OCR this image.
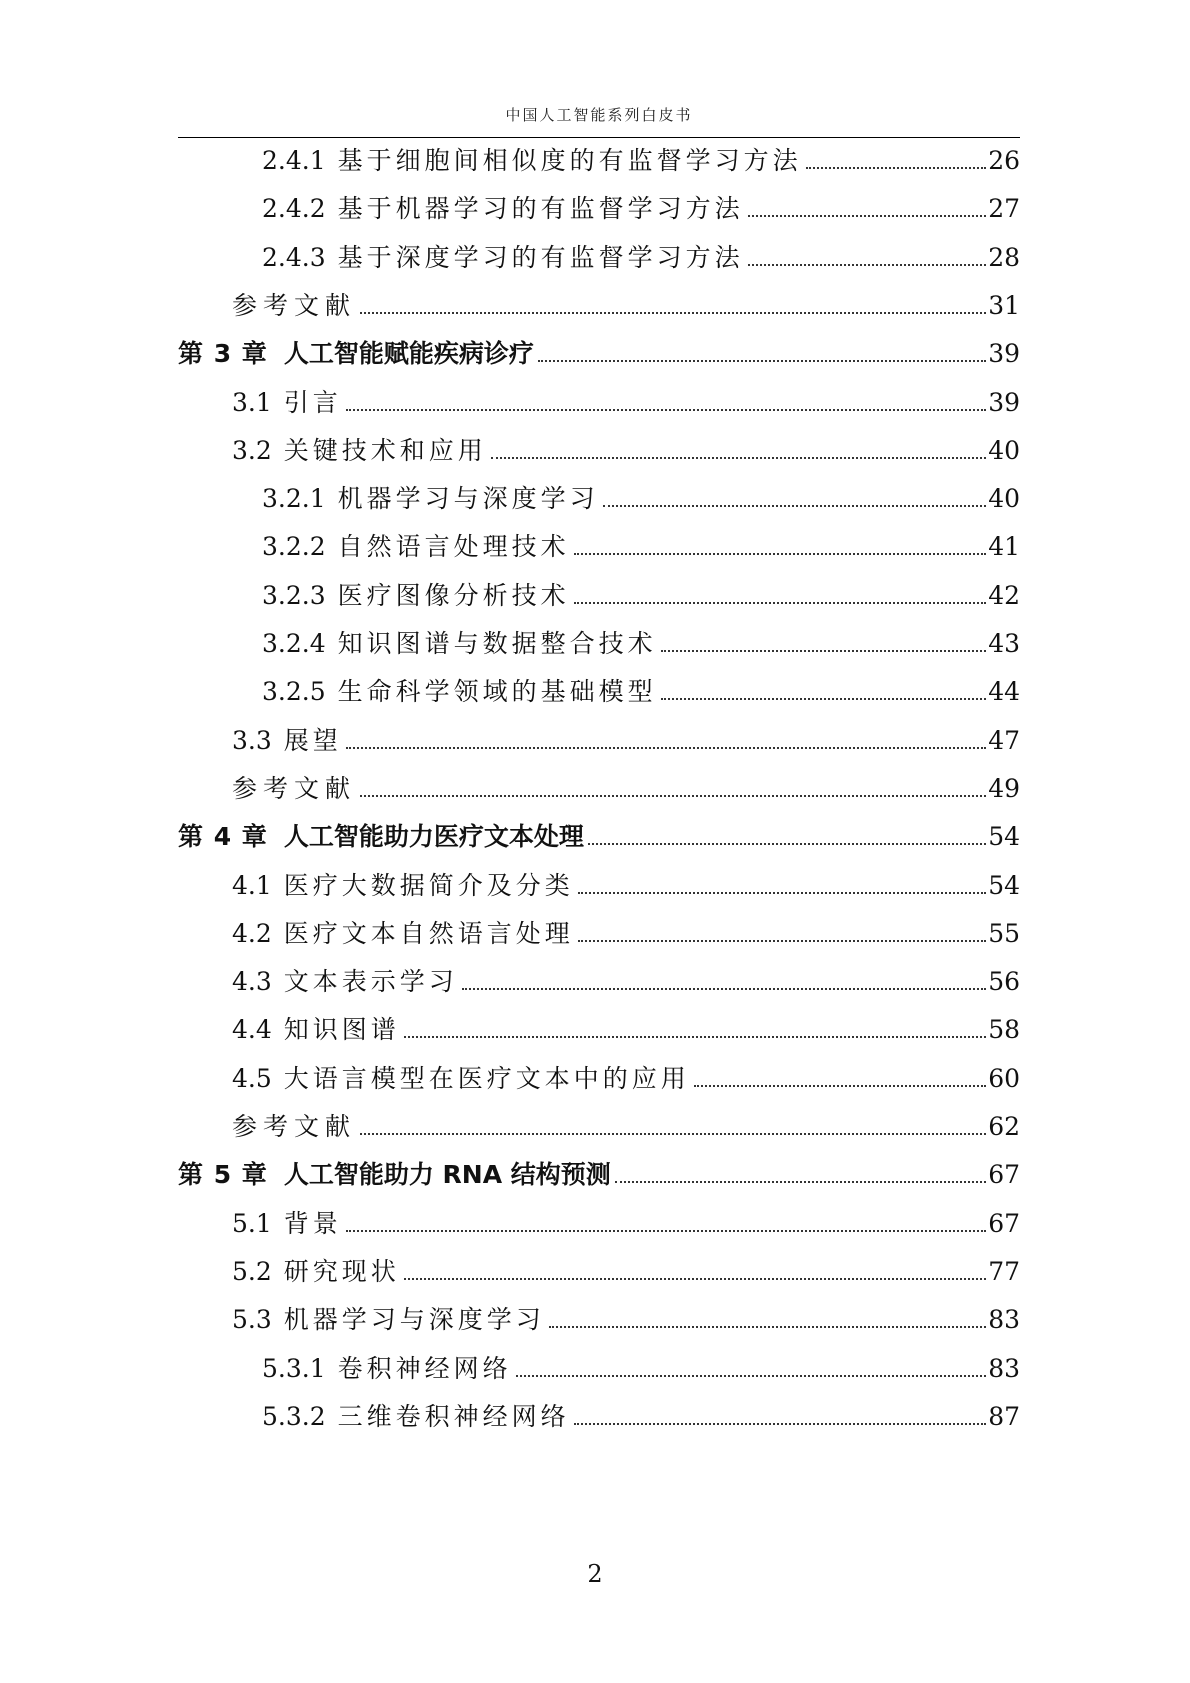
中国人工智能系列白皮书
2.4.1 基于细胞间相似度的有监督学习方法	26
2.4.2 基于机器学习的有监督学习方法	27
2.4.3 基于深度学习的有监督学习方法	28
参考文献	31
第 3 章 人工智能赋能疾病诊疗	39
3.1 引言	39
3.2 关键技术和应用	40
3.2.1 机器学习与深度学习	40
3.2.2 自然语言处理技术	41
3.2.3 医疗图像分析技术	42
3.2.4 知识图谱与数据整合技术	43
3.2.5 生命科学领域的基础模型	44
3.3 展望	47
参考文献	49
第 4 章 人工智能助力医疗文本处理	54
4.1 医疗大数据简介及分类	54
4.2 医疗文本自然语言处理	55
4.3 文本表示学习	56
4.4 知识图谱	58
4.5 大语言模型在医疗文本中的应用	60
参考文献	62
第 5 章 人工智能助力 RNA 结构预测	67
5.1 背景	67
5.2 研究现状	77
5.3 机器学习与深度学习	83
5.3.1 卷积神经网络	83
5.3.2 三维卷积神经网络	87
2
